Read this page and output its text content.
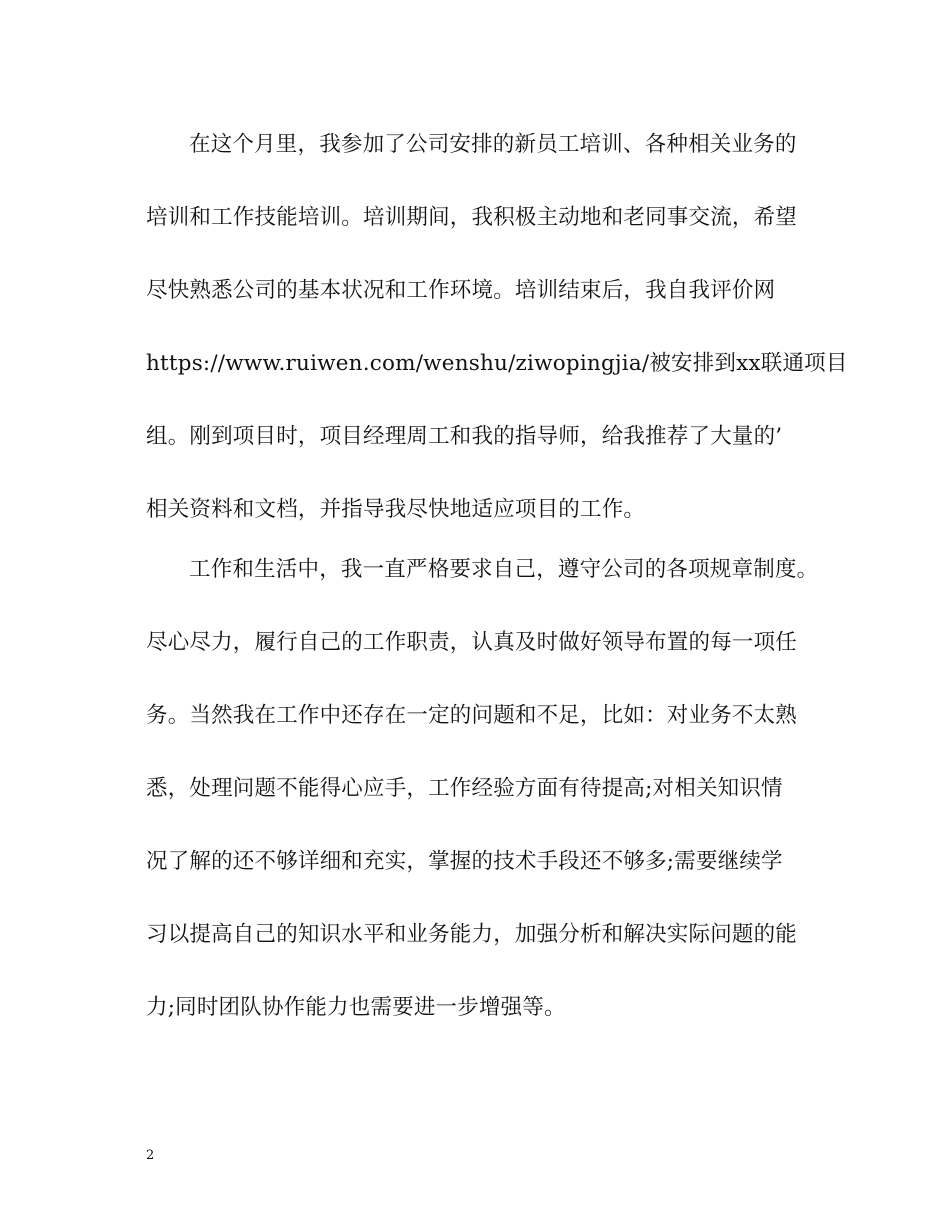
在这个月里，我参加了公司安排的新员工培训、各种相关业务的
培训和工作技能培训。培训期间，我积极主动地和老同事交流，希望
尽快熟悉公司的基本状况和工作环境。培训结束后，我自我评价网
https://www.ruiwen.com/wenshu/ziwopingjia/被安排到xx联通项目
组。刚到项目时，项目经理周工和我的指导师，给我推荐了大量的’
相关资料和文档，并指导我尽快地适应项目的工作。
工作和生活中，我一直严格要求自己，遵守公司的各项规章制度。
尽心尽力，履行自己的工作职责，认真及时做好领导布置的每一项任
务。当然我在工作中还存在一定的问题和不足，比如：对业务不太熟
悉，处理问题不能得心应手，工作经验方面有待提高;对相关知识情
况了解的还不够详细和充实，掌握的技术手段还不够多;需要继续学
习以提高自己的知识水平和业务能力，加强分析和解决实际问题的能
力;同时团队协作能力也需要进一步增强等。
2
